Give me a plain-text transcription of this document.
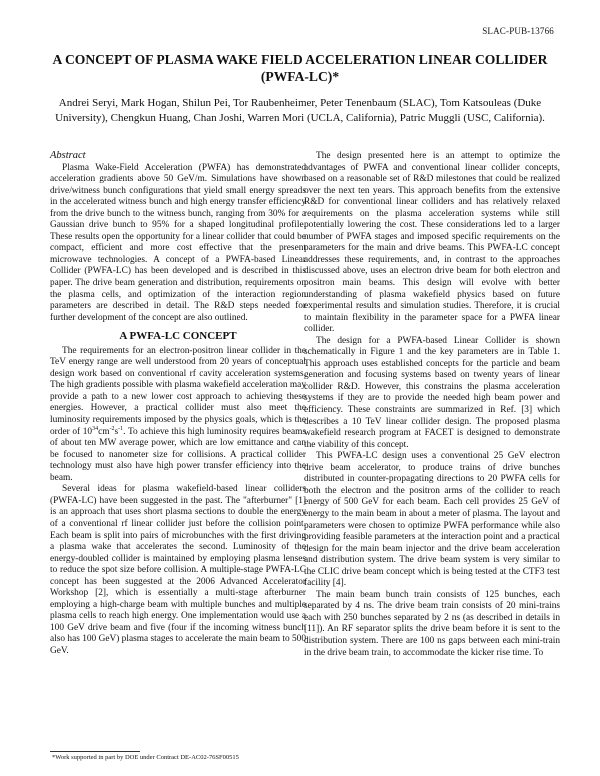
SLAC-PUB-13766
A CONCEPT OF PLASMA WAKE FIELD ACCELERATION LINEAR COLLIDER (PWFA-LC)*

Andrei Seryi, Mark Hogan, Shilun Pei, Tor Raubenheimer, Peter Tenenbaum (SLAC), Tom Katsouleas (Duke University), Chengkun Huang, Chan Joshi, Warren Mori (UCLA, California), Patric Muggli (USC, California).

Abstract

Plasma Wake-Field Acceleration (PWFA) has demonstrated acceleration gradients above 50 GeV/m. Simulations have shown drive/witness bunch configurations that yield small energy spreads in the accelerated witness bunch and high energy transfer efficiency from the drive bunch to the witness bunch, ranging from 30% for a Gaussian drive bunch to 95% for a shaped longitudinal profile. These results open the opportunity for a linear collider that could be compact, efficient and more cost effective that the present microwave technologies. A concept of a PWFA-based Linear Collider (PWFA-LC) has been developed and is described in this paper. The drive beam generation and distribution, requirements on the plasma cells, and optimization of the interaction region parameters are described in detail. The R&D steps needed for further development of the concept are also outlined.

A PWFA-LC CONCEPT

The requirements for an electron-positron linear collider in the TeV energy range are well understood from 20 years of conceptual design work based on conventional rf cavity acceleration systems. The high gradients possible with plasma wakefield acceleration may provide a path to a new lower cost approach to achieving these energies. However, a practical collider must also meet the luminosity requirements imposed by the physics goals, which is the order of $10^{34}cm^{-2}s^{-1}$. To achieve this high luminosity requires beams of about ten MW average power, which are low emittance and can be focused to nanometer size for collisions. A practical collider technology must also have high power transfer efficiency into the beam.

Several ideas for plasma wakefield-based linear colliders (PWFA-LC) have been suggested in the past. The "afterburner" [1] is an approach that uses short plasma sections to double the energy of a conventional rf linear collider just before the collision point. Each beam is split into pairs of microbunches with the first driving a plasma wake that accelerates the second. Luminosity of the energy-doubled collider is maintained by employing plasma lenses to reduce the spot size before collision. A multiple-stage PWFA-LC concept has been suggested at the 2006 Advanced Accelerator Workshop [2], which is essentially a multi-stage afterburner employing a high-charge beam with multiple bunches and multiple plasma cells to reach high energy. One implementation would use a 100 GeV drive beam and five (four if the incoming witness bunch also has 100 GeV) plasma stages to accelerate the main beam to 500 GeV.

The design presented here is an attempt to optimize the advantages of PWFA and conventional linear collider concepts, based on a reasonable set of R&D milestones that could be realized over the next ten years. This approach benefits from the extensive R&D for conventional linear colliders and has relatively relaxed requirements on the plasma acceleration systems while still potentially lowering the cost. These considerations led to a larger number of PWFA stages and imposed specific requirements on the parameters for the main and drive beams. This PWFA-LC concept addresses these requirements, and, in contrast to the approaches discussed above, uses an electron drive beam for both electron and positron main beams. This design will evolve with better understanding of plasma wakefield physics based on future experimental results and simulation studies. Therefore, it is crucial to maintain flexibility in the parameter space for a PWFA linear collider.

The design for a PWFA-based Linear Collider is shown schematically in Figure 1 and the key parameters are in Table 1. This approach uses established concepts for the particle and beam generation and focusing systems based on twenty years of linear collider R&D. However, this constrains the plasma acceleration systems if they are to provide the needed high beam power and efficiency. These constraints are summarized in Ref. [3] which describes a 10 TeV linear collider design. The proposed plasma wakefield research program at FACET is designed to demonstrate the viability of this concept.

This PWFA-LC design uses a conventional 25 GeV electron drive beam accelerator, to produce trains of drive bunches distributed in counter-propagating directions to 20 PWFA cells for both the electron and the positron arms of the collider to reach energy of 500 GeV for each beam. Each cell provides 25 GeV of energy to the main beam in about a meter of plasma. The layout and parameters were chosen to optimize PWFA performance while also providing feasible parameters at the interaction point and a practical design for the main beam injector and the drive beam acceleration and distribution system. The drive beam system is very similar to the CLIC drive beam concept which is being tested at the CTF3 test facility [4].

The main beam bunch train consists of 125 bunches, each separated by 4 ns. The drive beam train consists of 20 mini-trains each with 250 bunches separated by 2 ns (as described in details in [11]). An RF separator splits the drive beam before it is sent to the distribution system. There are 100 ns gaps between each mini-train in the drive beam train, to accommodate the kicker rise time. To

*Work supported in part by DOE under Contract DE-AC02-76SF00515
